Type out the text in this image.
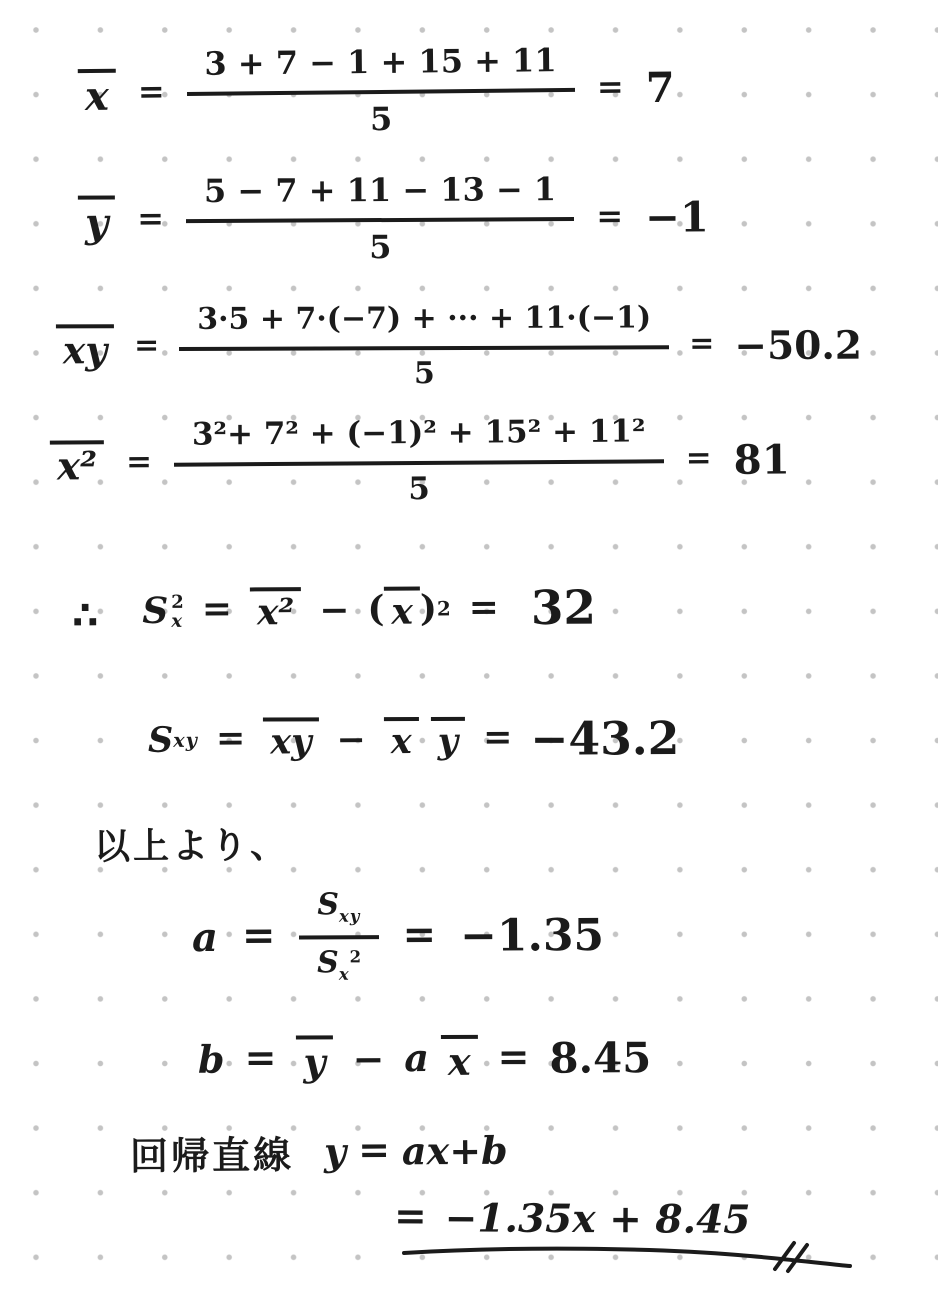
$x = \frac{3 + 7 - 1 + 15 + 11}{5} = 7$
$y = \frac{5 - 7 + 11 - 13 - 1}{5} = -1$
xy = $\frac{3\cdot 5 + 7\cdot(-7) + \cdot\cdot\cdot + 11\cdot(-1)}{5} = -50.2$
$x^2 = \frac{\text{3²+ 7² + (−1)² + 15² + 11²}}{5} = 81$
∴ S 2
x = x² − ( x ) 2 = 32
S xy = xy − x y = −43.2
以上より、
$a = \frac{S_{xy}}{S_x^2} = -1.35$
b = y − a x = 8.45
回帰直線 y = ax+b
= −1.35x + 8.45
